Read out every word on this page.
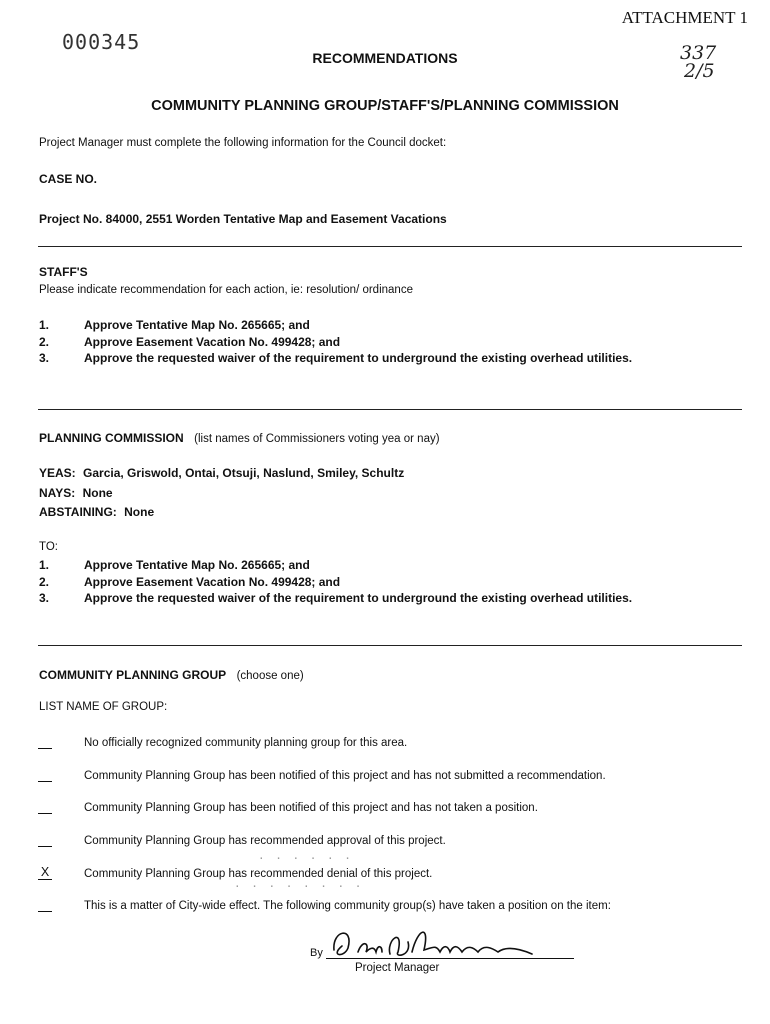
ATTACHMENT 1
000345	337
2/5
RECOMMENDATIONS
COMMUNITY PLANNING GROUP/STAFF'S/PLANNING COMMISSION
Project Manager must complete the following information for the Council docket:
CASE NO.
Project No. 84000, 2551 Worden Tentative Map and Easement Vacations
STAFF'S
Please indicate recommendation for each action, ie: resolution/ ordinance
1.	Approve Tentative Map No. 265665; and
2.	Approve Easement Vacation No. 499428; and
3.	Approve the requested waiver of the requirement to underground the existing overhead utilities.
PLANNING COMMISSION (list names of Commissioners voting yea or nay)
YEAS: Garcia, Griswold, Ontai, Otsuji, Naslund, Smiley, Schultz
NAYS: None
ABSTAINING: None
TO:
1.	Approve Tentative Map No. 265665; and
2.	Approve Easement Vacation No. 499428; and
3.	Approve the requested waiver of the requirement to underground the existing overhead utilities.
COMMUNITY PLANNING GROUP (choose one)
LIST NAME OF GROUP:
No officially recognized community planning group for this area.
Community Planning Group has been notified of this project and has not submitted a recommendation.
Community Planning Group has been notified of this project and has not taken a position.
Community Planning Group has recommended approval of this project.
X	Community Planning Group has recommended denial of this project.
This is a matter of City-wide effect. The following community group(s) have taken a position on the item:
· · · · · ·
· · · · · · · ·
By
Project Manager
